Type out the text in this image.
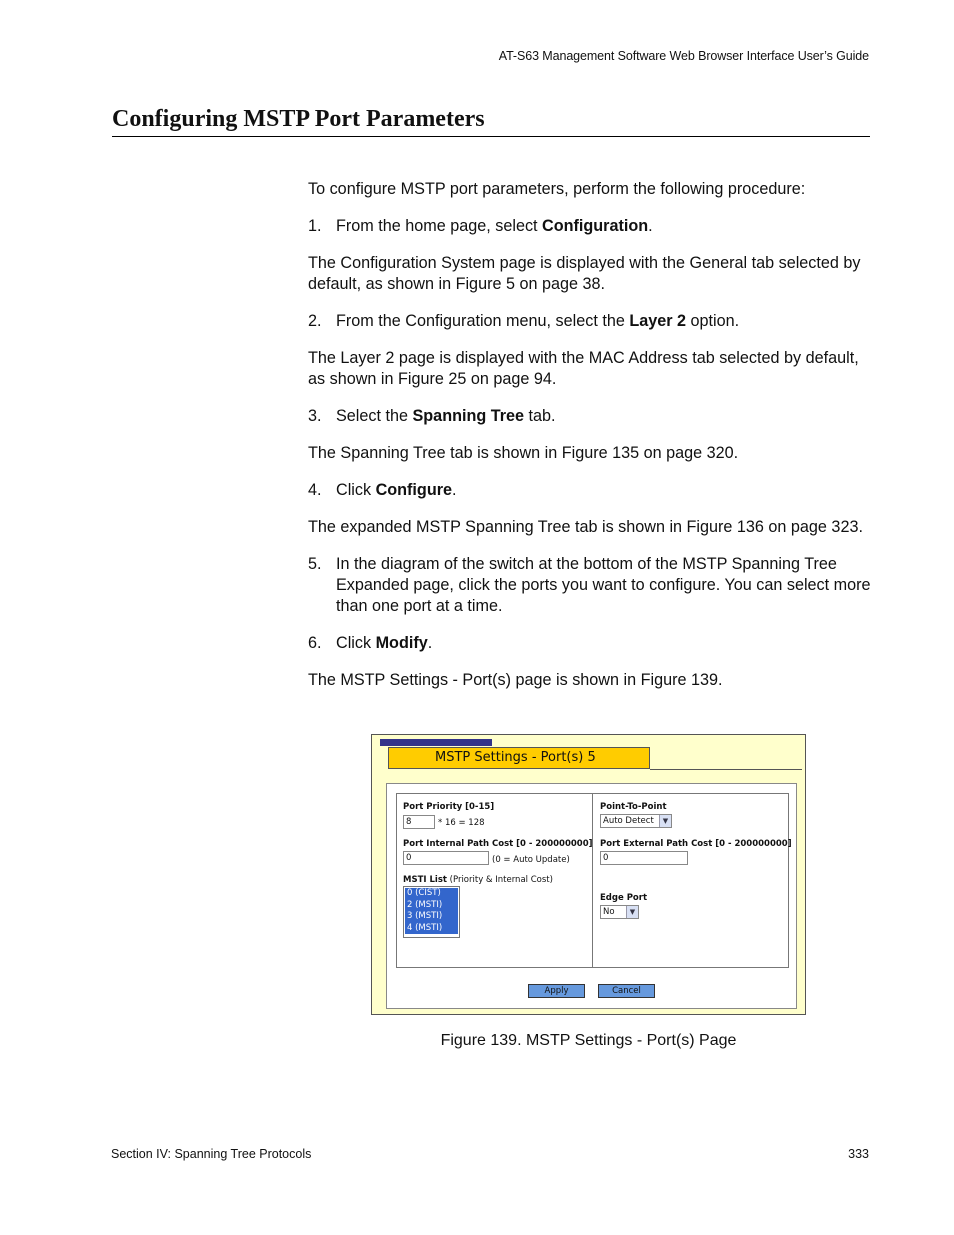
AT-S63 Management Software Web Browser Interface User’s Guide
Configuring MSTP Port Parameters

To configure MSTP port parameters, perform the following procedure:

1. From the home page, select Configuration.

The Configuration System page is displayed with the General tab selected by default, as shown in Figure 5 on page 38.

2. From the Configuration menu, select the Layer 2 option.

The Layer 2 page is displayed with the MAC Address tab selected by default, as shown in Figure 25 on page 94.

3. Select the Spanning Tree tab.

The Spanning Tree tab is shown in Figure 135 on page 320.

4. Click Configure.

The expanded MSTP Spanning Tree tab is shown in Figure 136 on page 323.

5. In the diagram of the switch at the bottom of the MSTP Spanning Tree Expanded page, click the ports you want to configure. You can select more than one port at a time.
6. Click Modify.

The MSTP Settings - Port(s) page is shown in Figure 139.

MSTP Settings - Port(s) 5
Port Priority [0-15]
8	* 16 = 128
Port Internal Path Cost [0 - 200000000]
0	(0 = Auto Update)
MSTI List (Priority & Internal Cost)
0 (CIST)
2 (MSTI)
3 (MSTI)
4 (MSTI)
Point-To-Point
Auto Detect	▼
Port External Path Cost [0 - 200000000]
0
Edge Port
No	▼
Apply	Cancel
Figure 139. MSTP Settings - Port(s) Page
Section IV: Spanning Tree Protocols	333
